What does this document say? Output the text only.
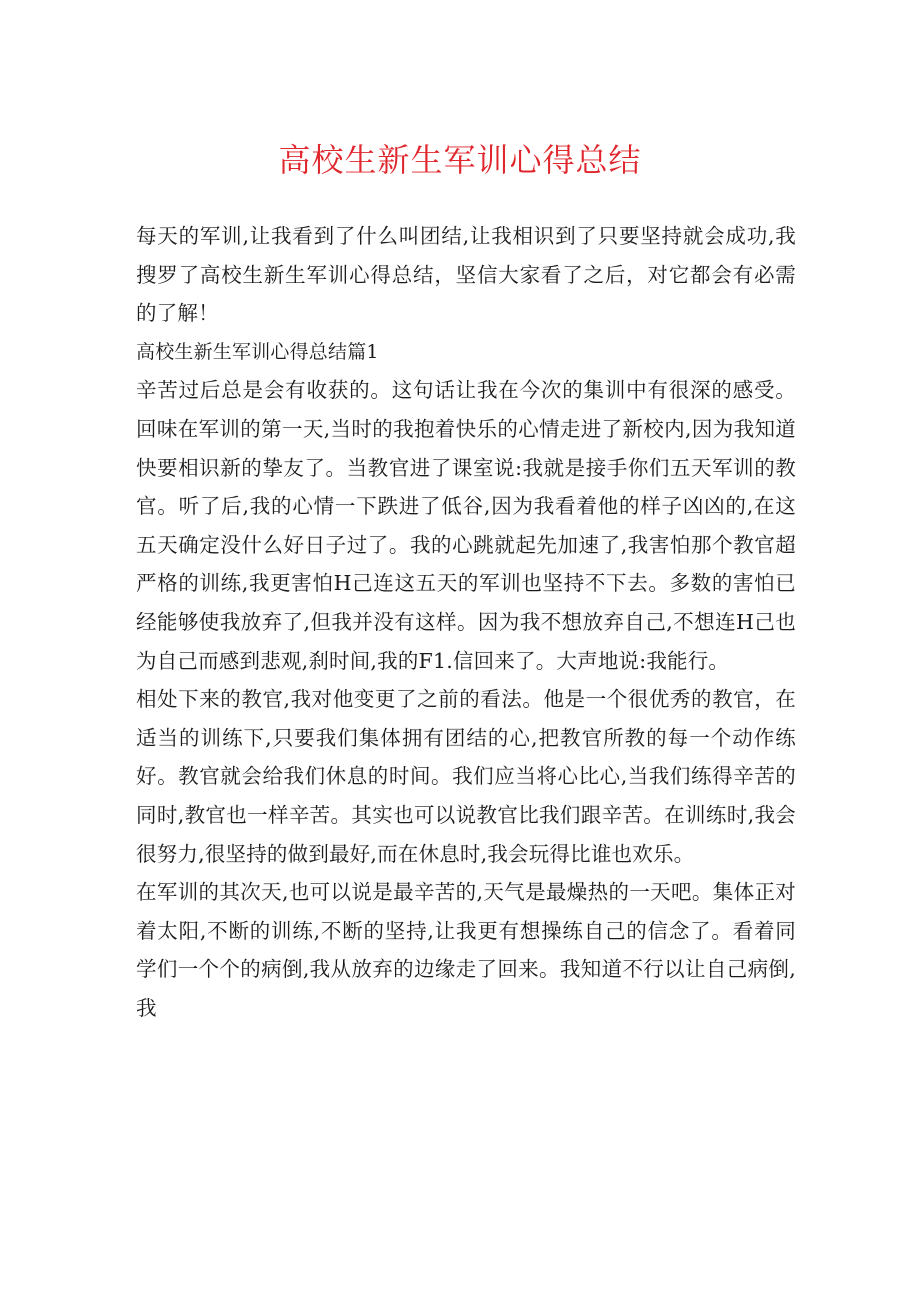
高校生新生军训心得总结

每天的军训,让我看到了什么叫团结,让我相识到了只要坚持就会成功,我搜罗了高校生新生军训心得总结，坚信大家看了之后，对它都会有必需的了解！

高校生新生军训心得总结篇1

辛苦过后总是会有收获的。这句话让我在今次的集训中有很深的感受。回味在军训的第一天,当时的我抱着快乐的心情走进了新校内,因为我知道快要相识新的挚友了。当教官进了课室说:我就是接手你们五天军训的教官。听了后,我的心情一下跌进了低谷,因为我看着他的样子凶凶的,在这五天确定没什么好日子过了。我的心跳就起先加速了,我害怕那个教官超严格的训练,我更害怕H己连这五天的军训也坚持不下去。多数的害怕已经能够使我放弃了,但我并没有这样。因为我不想放弃自己,不想连H己也为自己而感到悲观,刹时间,我的F1.信回来了。大声地说:我能行。

相处下来的教官,我对他变更了之前的看法。他是一个很优秀的教官，在适当的训练下,只要我们集体拥有团结的心,把教官所教的每一个动作练好。教官就会给我们休息的时间。我们应当将心比心,当我们练得辛苦的同时,教官也一样辛苦。其实也可以说教官比我们跟辛苦。在训练时,我会很努力,很坚持的做到最好,而在休息时,我会玩得比谁也欢乐。

在军训的其次天,也可以说是最辛苦的,天气是最燥热的一天吧。集体正对着太阳,不断的训练,不断的坚持,让我更有想操练自己的信念了。看着同学们一个个的病倒,我从放弃的边缘走了回来。我知道不行以让自己病倒,我
